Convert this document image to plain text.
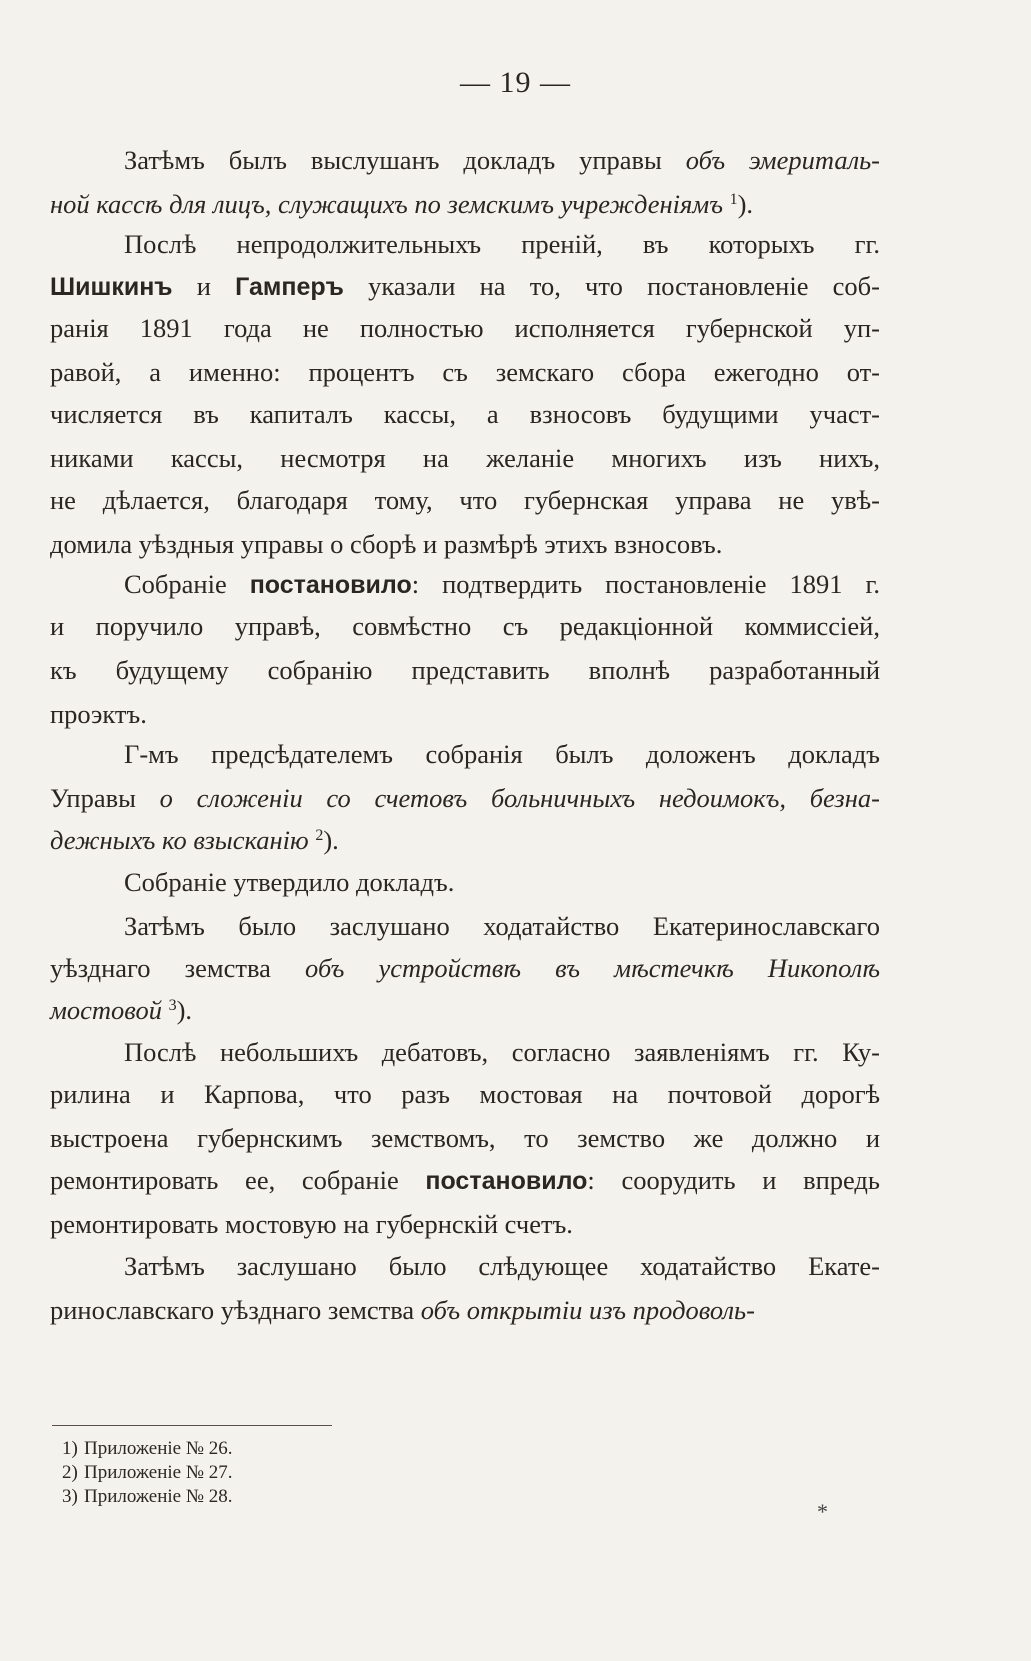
— 19 —
Затѣмъ былъ выслушанъ докладъ управы объ эмериталь-
ной кассѣ для лицъ, служащихъ по земскимъ учрежденіямъ $^1$).
Послѣ непродолжительныхъ преній, въ которыхъ гг.
Шишкинъ и Гамперъ указали на то, что постановленіе соб-
ранія 1891 года не полностью исполняется губернской уп-
равой, а именно: процентъ съ земскаго сбора ежегодно от-
числяется въ капиталъ кассы, а взносовъ будущими участ-
никами кассы, несмотря на желаніе многихъ изъ нихъ,
не дѣлается, благодаря тому, что губернская управа не увѣ-
домила уѣздныя управы о сборѣ и размѣрѣ этихъ взносовъ.
Собраніе постановило: подтвердить постановленіе 1891 г.
и поручило управѣ, совмѣстно съ редакціонной коммиссіей,
къ будущему собранію представить вполнѣ разработанный
проэктъ.
Г-мъ предсѣдателемъ собранія былъ доложенъ докладъ
Управы о сложеніи со счетовъ больничныхъ недоимокъ, безна-
дежныхъ ко взысканію $^2$).
Собраніе утвердило докладъ.
Затѣмъ было заслушано ходатайство Екатеринославскаго
уѣзднаго земства объ устройствѣ въ мѣстечкѣ Никополѣ
мостовой $^3$).
Послѣ небольшихъ дебатовъ, согласно заявленіямъ гг. Ку-
рилина и Карпова, что разъ мостовая на почтовой дорогѣ
выстроена губернскимъ земствомъ, то земство же должно и
ремонтировать ее, собраніе постановило: соорудить и впредь
ремонтировать мостовую на губернскій счетъ.
Затѣмъ заслушано было слѣдующее ходатайство Екате-
ринославскаго уѣзднаго земства объ открытіи изъ продоволь-
1) Приложеніе № 26.
2) Приложеніе № 27.
3) Приложеніе № 28.
*
